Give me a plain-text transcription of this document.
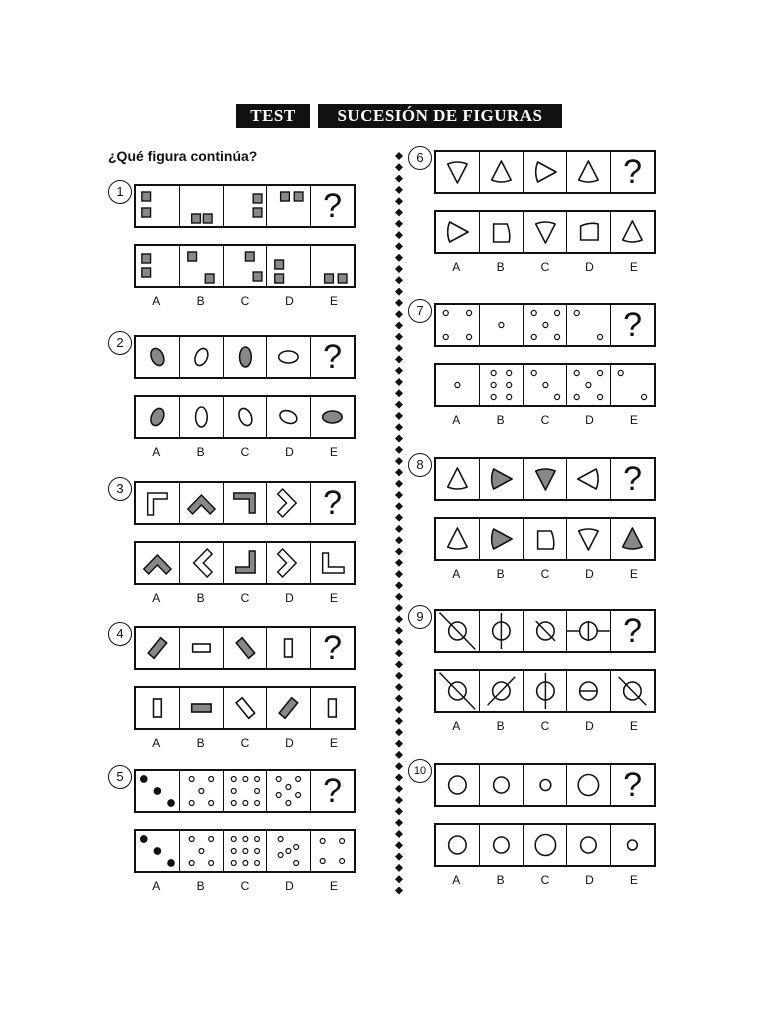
TEST	SUCESIÓN DE FIGURAS
¿Qué figura continúa?
1	?
A	B	C	D	E
2	?
A	B	C	D	E
3	?
A	B	C	D	E
4	?
A	B	C	D	E
5	?
A	B	C	D	E
6	?
A	B	C	D	E
7	?
A	B	C	D	E
8	?
A	B	C	D	E
9	?
A	B	C	D	E
10	?
A	B	C	D	E
